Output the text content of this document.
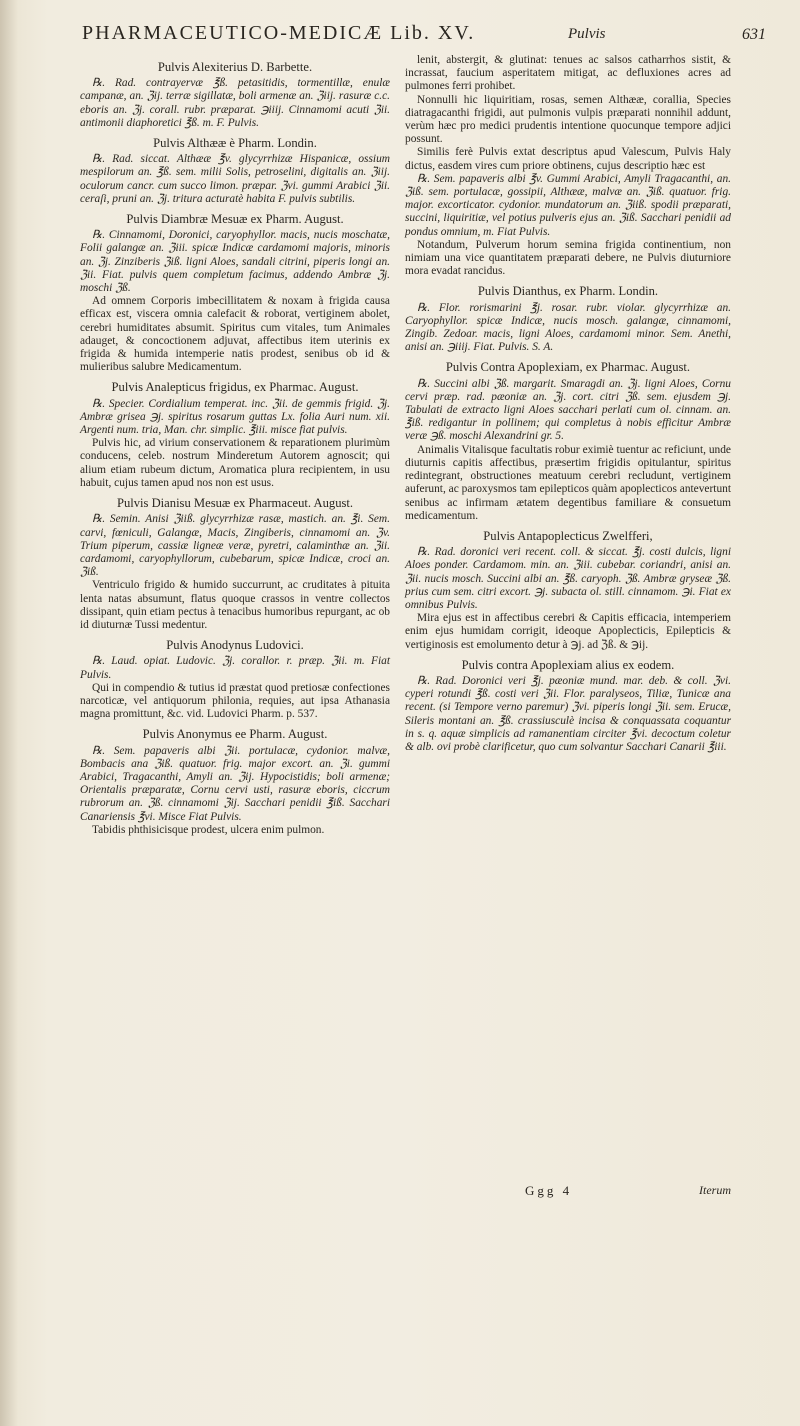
PHARMACEUTICO-MEDICÆ Lib. XV.	Pulvis	631
Pulvis Alexiterius D. Barbette.

℞. Rad. contrayervæ ℥ß. petasitidis, tormentillæ, enulæ campanæ, an. ℨij. terræ sigillatæ, boli armenæ an. ℨiij. rasuræ c.c. eboris an. ℨj. corall. rubr. præparat. ℈iiij. Cinnamomi acuti ℨii. antimonii diaphoretici ℥ß. m. F. Pulvis.

Pulvis Althææ è Pharm. Londin.

℞. Rad. siccat. Althææ ℥v. glycyrrhizæ Hispanicæ, ossium mespilorum an. ℥ß. sem. milii Solis, petroselini, digitalis an. ℨiij. oculorum cancr. cum succo limon. præpar. ℨvi. gummi Arabici ℨii. ceraſi, pruni an. ℨj. tritura acturatè habita F. pulvis subtilis.

Pulvis Diambræ Mesuæ ex Pharm. August.

℞. Cinnamomi, Doronici, caryophyllor. macis, nucis moschatæ, Folii galangæ an. ℨiii. spicæ Indicæ cardamomi majoris, minoris an. ℨj. Zinziberis ℨiß. ligni Aloes, sandali citrini, piperis longi an. ℨii. Fiat. pulvis quem completum facimus, addendo Ambræ ℨj. moschi ℨß.

Ad omnem Corporis imbecillitatem & noxam à frigida causa efficax est, viscera omnia calefacit & roborat, vertiginem abolet, cerebri humiditates absumit. Spiritus cum vitales, tum Animales adauget, & concoctionem adjuvat, affectibus item uterinis ex frigida & humida intemperie natis prodest, senibus ob id & mulieribus salubre Medicamentum.

Pulvis Analepticus frigidus, ex Pharmac. August.

℞. Specier. Cordialium temperat. inc. ℨii. de gemmis frigid. ℨj. Ambræ grisea ℈j. spiritus rosarum guttas Lx. folia Auri num. xii. Argenti num. tria, Man. chr. simplic. ℥iii. misce fiat pulvis.

Pulvis hic, ad virium conservationem & reparationem plurimùm conducens, celeb. nostrum Minderetum Autorem agnoscit; qui alium etiam rubeum dictum, Aromatica plura recipientem, in usu habuit, cujus tamen apud nos non est usus.

Pulvis Dianisu Mesuæ ex Pharmaceut. August.

℞. Semin. Anisi ℨiiß. glycyrrhizæ rasæ, mastich. an. ℥i. Sem. carvi, fœniculi, Galangæ, Macis, Zingiberis, cinnamomi an. ℨv. Trium piperum, cassiæ ligneæ veræ, pyretri, calaminthæ an. ℨii. cardamomi, caryophyllorum, cubebarum, spicæ Indicæ, croci an. ℨiß.

Ventriculo frigido & humido succurrunt, ac cruditates à pituita lenta natas absumunt, flatus quoque crassos in ventre collectos dissipant, quin etiam pectus à tenacibus humoribus repurgant, ac ob id diuturnæ Tussi medentur.

Pulvis Anodynus Ludovici.

℞. Laud. opiat. Ludovic. ℨj. corallor. r. præp. ℨii. m. Fiat Pulvis.

Qui in compendio & tutius id præstat quod pretiosæ confectiones narcoticæ, vel antiquorum philonia, requies, aut ipsa Athanasia magna promittunt, &c. vid. Ludovici Pharm. p. 537.

Pulvis Anonymus ee Pharm. August.

℞. Sem. papaveris albi ℨii. portulacæ, cydonior. malvæ, Bombacis ana ℨiß. quatuor. frig. major excort. an. ℨi. gummi Arabici, Tragacanthi, Amyli an. ℨij. Hypocistidis; boli armenæ; Orientalis præparatæ, Cornu cervi usti, rasuræ eboris, ciccrum rubrorum an. ℨß. cinnamomi ℨij. Sacchari penidii ℥iß. Sacchari Canariensis ℥vi. Misce Fiat Pulvis.

Tabidis phthisicisque prodest, ulcera enim pulmon.

lenit, abstergit, & glutinat: tenues ac salsos catharrhos sistit, & incrassat, faucium asperitatem mitigat, ac defluxiones acres ad pulmones ferri prohibet.

Nonnulli hic liquiritiam, rosas, semen Althææ, corallia, Species diatragacanthi frigidi, aut pulmonis vulpis præparati nonnihil addunt, verùm hæc pro medici prudentis intentione quocunque tempore adjici possunt.

Similis ferè Pulvis extat descriptus apud Valescum, Pulvis Haly dictus, easdem vires cum priore obtinens, cujus descriptio hæc est

℞. Sem. papaveris albi ℥v. Gummi Arabici, Amyli Tragacanthi, an. ℨiß. sem. portulacæ, gossipii, Althææ, malvæ an. ℨiß. quatuor. frig. major. excorticator. cydonior. mundatorum an. ℨiiß. spodii præparati, succini, liquiritiæ, vel potius pulveris ejus an. ℨiß. Sacchari penidii ad pondus omnium, m. Fiat Pulvis.

Notandum, Pulverum horum semina frigida continentium, non nimiam una vice quantitatem præparati debere, ne Pulvis diuturniore mora evadat rancidus.

Pulvis Dianthus, ex Pharm. Londin.

℞. Flor. rorismarini ℥j. rosar. rubr. violar. glycyrrhizæ an. Caryophyllor. spicæ Indicæ, nucis mosch. galangæ, cinnamomi, Zingib. Zedoar. macis, ligni Aloes, cardamomi minor. Sem. Anethi, anisi an. ℈iiij. Fiat. Pulvis. S. A.

Pulvis Contra Apoplexiam, ex Pharmac. August.

℞. Succini albi ℨß. margarit. Smaragdi an. ℨj. ligni Aloes, Cornu cervi præp. rad. pæoniæ an. ℨj. cort. citri ℨß. sem. ejusdem ℈j. Tabulati de extracto ligni Aloes sacchari perlati cum ol. cinnam. an. ℥iß. redigantur in pollinem; qui completus à nobis efficitur Ambræ veræ ℈ß. moschi Alexandrini gr. 5.

Animalis Vitalisque facultatis robur eximiè tuentur ac reficiunt, unde diuturnis capitis affectibus, præsertim frigidis opitulantur, spiritus redintegrant, obstructiones meatuum cerebri recludunt, vertiginem auferunt, ac paroxysmos tam epilepticos quàm apoplecticos antevertunt senibus ac infirmam ætatem degentibus familiare & consuetum medicamentum.

Pulvis Antapoplecticus Zwelfferi,

℞. Rad. doronici veri recent. coll. & siccat. ℥j. costi dulcis, ligni Aloes ponder. Cardamom. min. an. ℨiii. cubebar. coriandri, anisi an. ℨii. nucis mosch. Succini albi an. ℥ß. caryoph. ℨß. Ambræ gryseæ ℨß. prius cum sem. citri excort. ℈j. subacta ol. still. cinnamom. ℈i. Fiat ex omnibus Pulvis.

Mira ejus est in affectibus cerebri & Capitis efficacia, intemperiem enim ejus humidam corrigit, ideoque Apoplecticis, Epilepticis & vertiginosis est emolumento detur à ℈j. ad ℨß. & ℈ij.

Pulvis contra Apoplexiam alius ex eodem.

℞. Rad. Doronici veri ℥j. pæoniæ mund. mar. deb. & coll. ℨvi. cyperi rotundi ℥ß. costi veri ℨii. Flor. paralyseos, Tiliæ, Tunicæ ana recent. (si Tempore verno paremur) ℨvi. piperis longi ℨii. sem. Erucæ, Sileris montani an. ℥ß. crassiusculè incisa & conquassata coquantur in s. q. aquæ simplicis ad ramanentiam circiter ℥vi. decoctum coletur & alb. ovi probè clarificetur, quo cum solvantur Sacchari Canarii ℥iii.

Ggg 4	Iterum
